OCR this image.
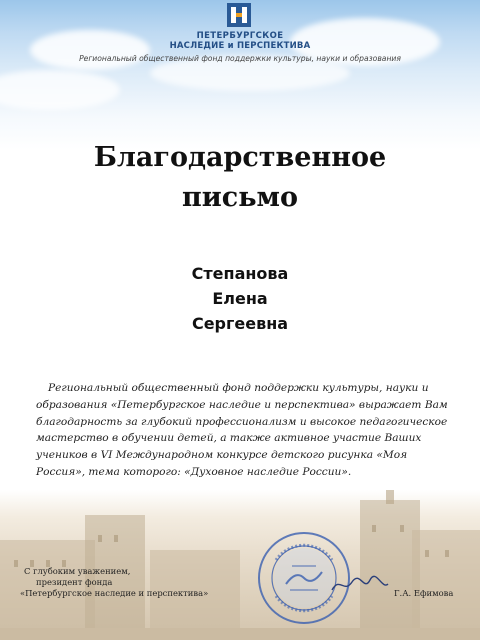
ПЕТЕРБУРГСКОЕ
НАСЛЕДИЕ и ПЕРСПЕКТИВА
Региональный общественный фонд поддержки культуры, науки и образования
Благодарственное
письмо
Степанова
Елена
Сергеевна
Региональный общественный фонд поддержки культуры, науки и образования «Петербургское наследие и перспектива» выражает Вам благодарность за глубокий профессионализм и высокое педагогическое мастерство в обучении детей, а также активное участие Ваших учеников в VI Международном конкурсе детского рисунка «Моя Россия», тема которого: «Духовное наследие России».
С глубоким уважением,
президент фонда
«Петербургское наследие и перспектива»	Г.А. Ефимова
